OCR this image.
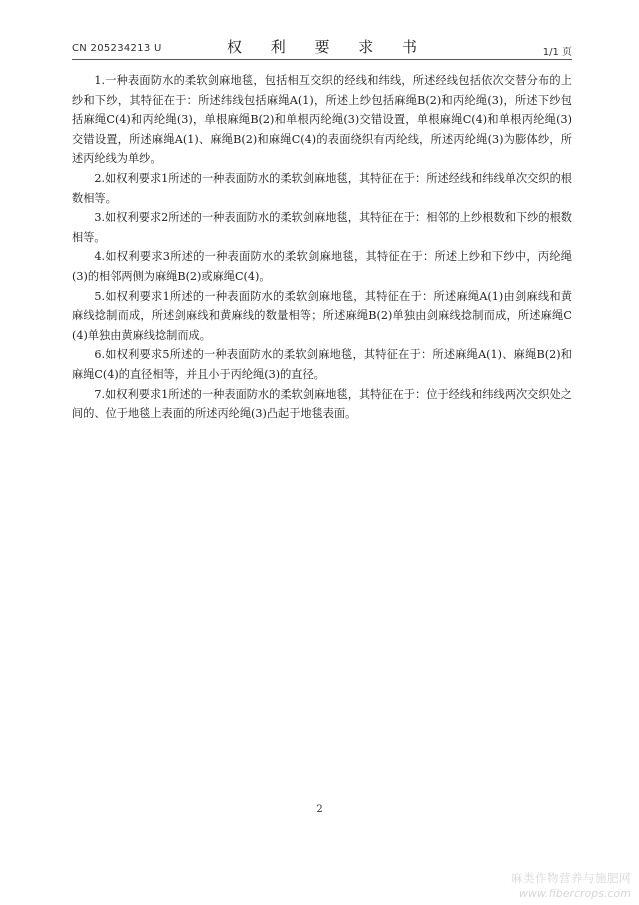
CN 205234213 U	权 利 要 求 书	1/1 页

1.一种表面防水的柔软剑麻地毯，包括相互交织的经线和纬线，所述经线包括依次交替分布的上纱和下纱，其特征在于：所述纬线包括麻绳A(1)，所述上纱包括麻绳B(2)和丙纶绳(3)，所述下纱包括麻绳C(4)和丙纶绳(3)，单根麻绳B(2)和单根丙纶绳(3)交错设置，单根麻绳C(4)和单根丙纶绳(3)交错设置，所述麻绳A(1)、麻绳B(2)和麻绳C(4)的表面绕织有丙纶线，所述丙纶绳(3)为膨体纱，所述丙纶线为单纱。

2.如权利要求1所述的一种表面防水的柔软剑麻地毯，其特征在于：所述经线和纬线单次交织的根数相等。

3.如权利要求2所述的一种表面防水的柔软剑麻地毯，其特征在于：相邻的上纱根数和下纱的根数相等。

4.如权利要求3所述的一种表面防水的柔软剑麻地毯，其特征在于：所述上纱和下纱中，丙纶绳(3)的相邻两侧为麻绳B(2)或麻绳C(4)。

5.如权利要求1所述的一种表面防水的柔软剑麻地毯，其特征在于：所述麻绳A(1)由剑麻线和黄麻线捻制而成，所述剑麻线和黄麻线的数量相等；所述麻绳B(2)单独由剑麻线捻制而成，所述麻绳C(4)单独由黄麻线捻制而成。

6.如权利要求5所述的一种表面防水的柔软剑麻地毯，其特征在于：所述麻绳A(1)、麻绳B(2)和麻绳C(4)的直径相等，并且小于丙纶绳(3)的直径。

7.如权利要求1所述的一种表面防水的柔软剑麻地毯，其特征在于：位于经线和纬线两次交织处之间的、位于地毯上表面的所述丙纶绳(3)凸起于地毯表面。

2
麻类作物营养与施肥网
www.fibercrops.com
